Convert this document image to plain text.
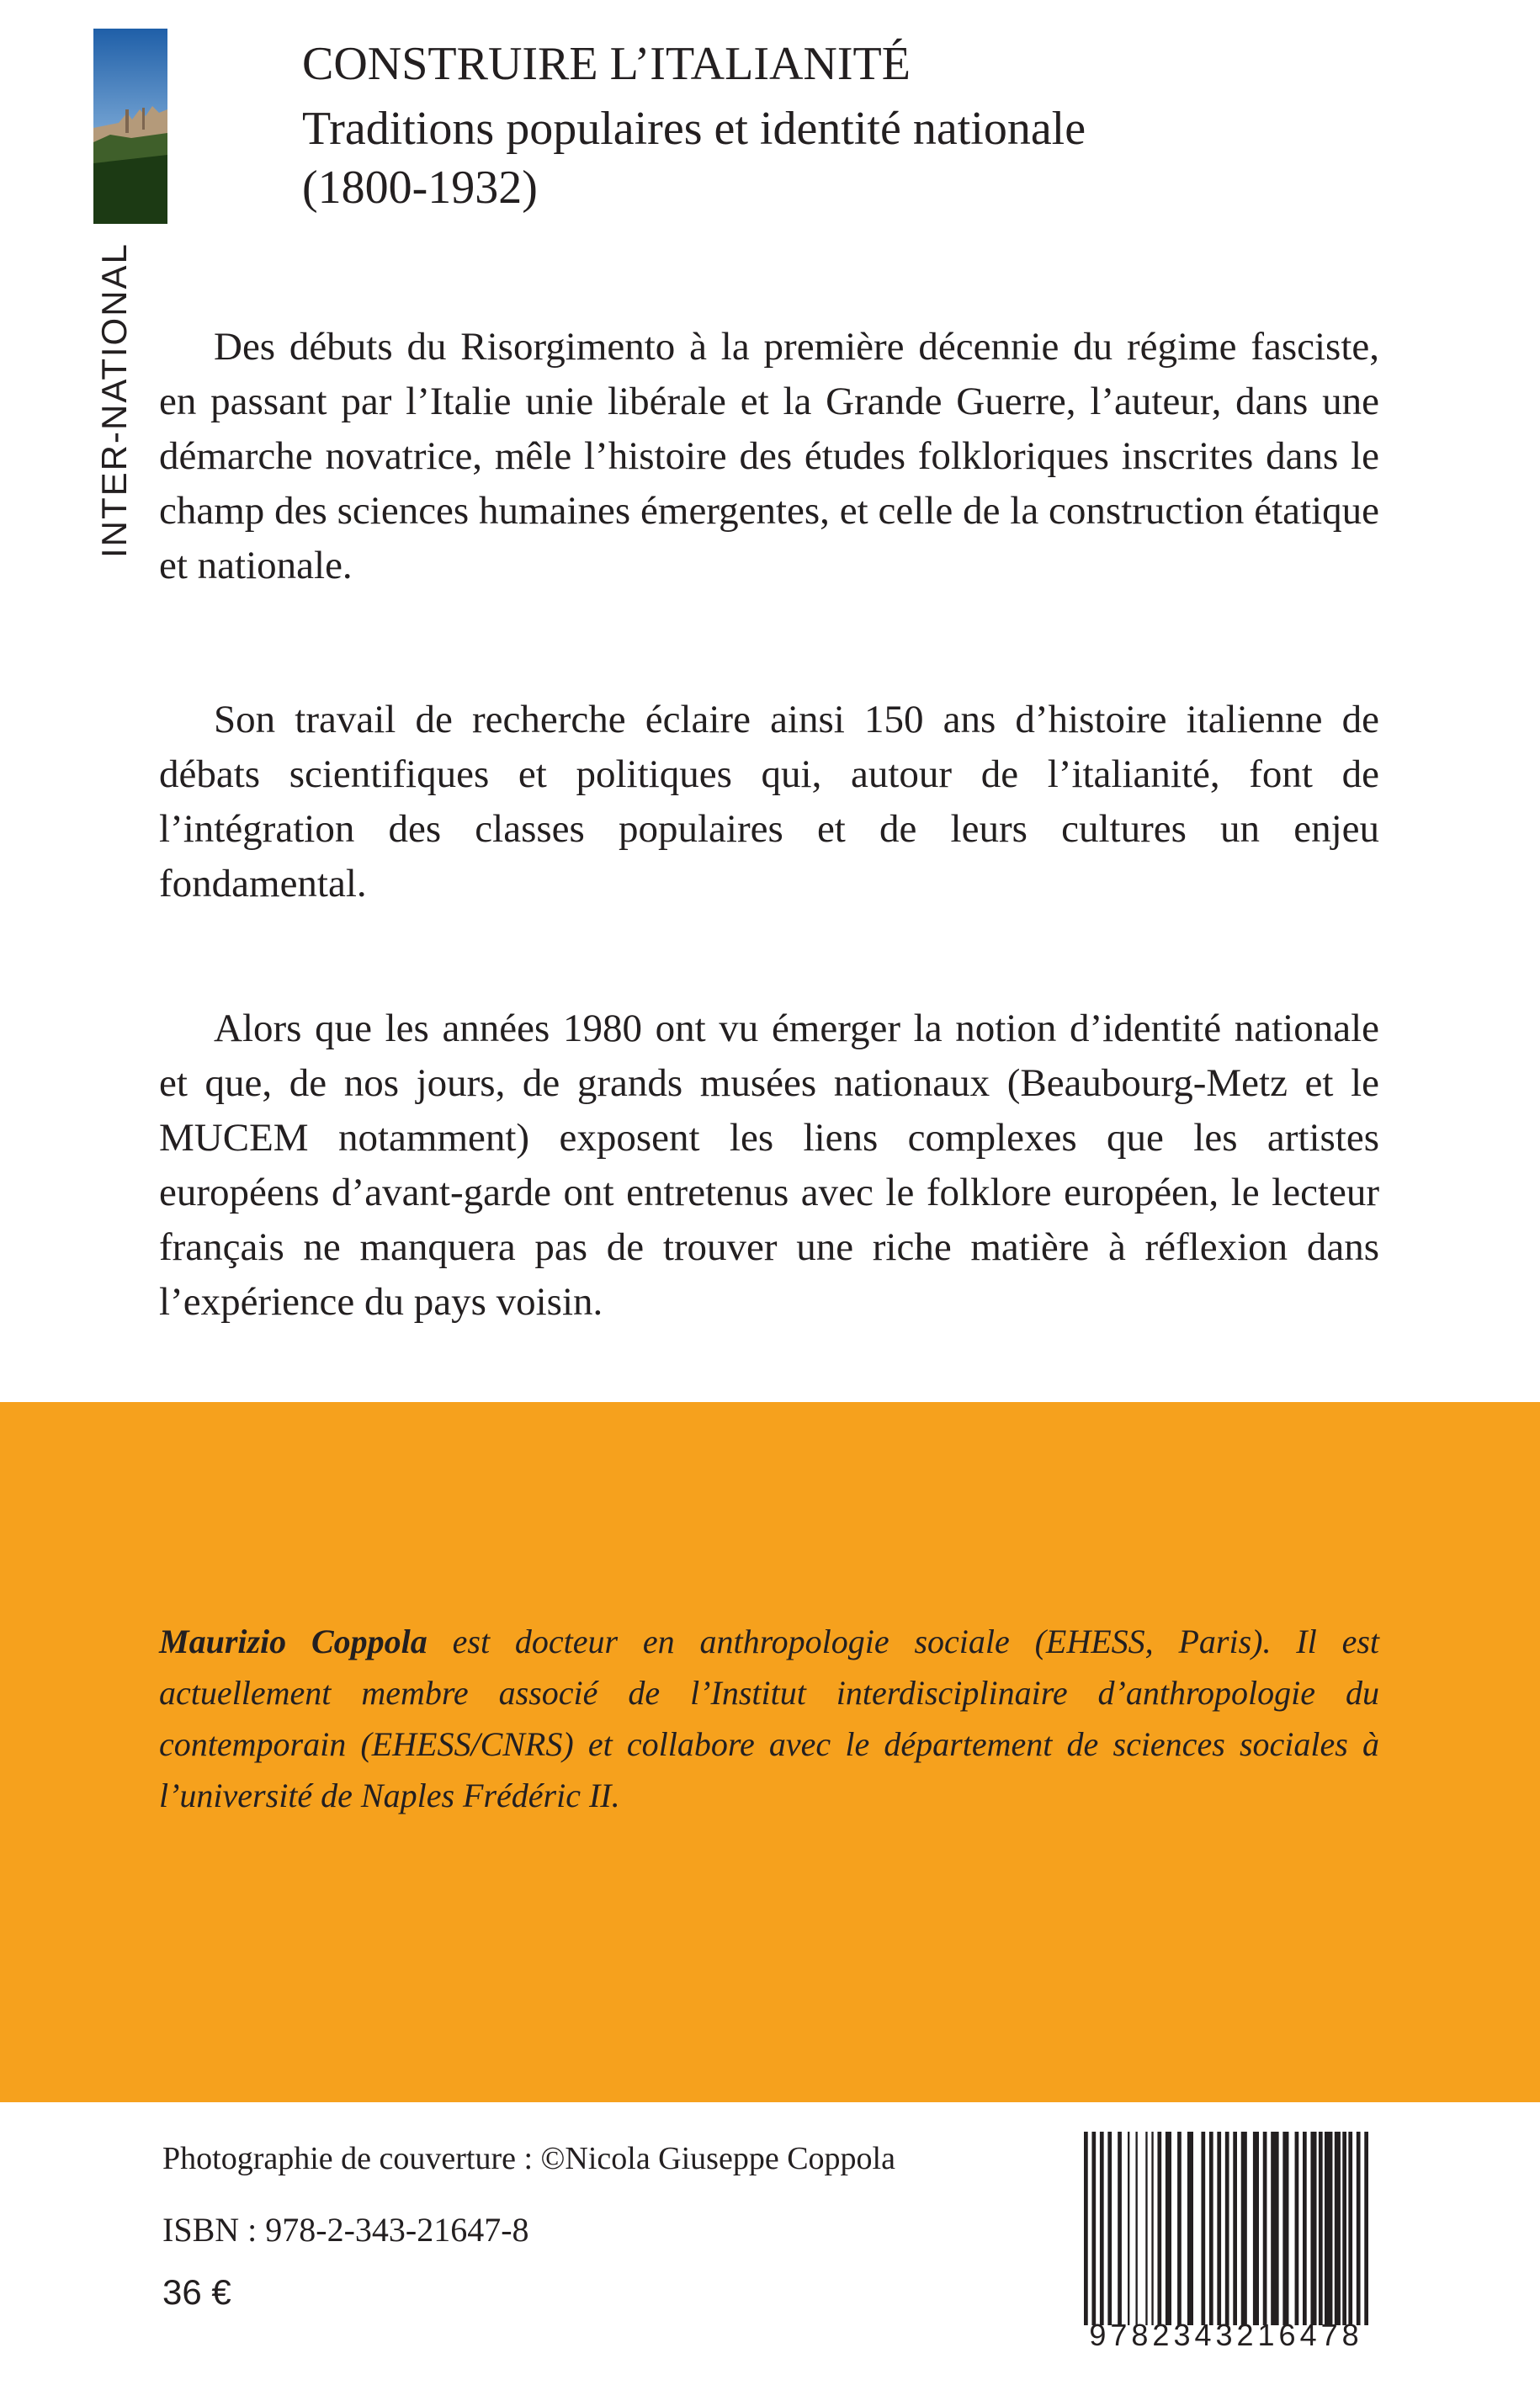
INTER-NATIONAL
CONSTRUIRE L’ITALIANITÉ

Traditions populaires et identité nationale

(1800-1932)

Des débuts du Risorgimento à la première décennie du régime fasciste, en passant par l’Italie unie libérale et la Grande Guerre, l’auteur, dans une démarche novatrice, mêle l’histoire des études folkloriques inscrites dans le champ des sciences humaines émergentes, et celle de la construction étatique et nationale.

Son travail de recherche éclaire ainsi 150 ans d’histoire italienne de débats scientifiques et politiques qui, autour de l’italianité, font de l’intégration des classes populaires et de leurs cultures un enjeu fondamental.

Alors que les années 1980 ont vu émerger la notion d’identité nationale et que, de nos jours, de grands musées nationaux (Beaubourg-Metz et le MUCEM notamment) exposent les liens complexes que les artistes européens d’avant-garde ont entretenus avec le folklore européen, le lecteur français ne manquera pas de trouver une riche matière à réflexion dans l’expérience du pays voisin.

Maurizio Coppola est docteur en anthropologie sociale (EHESS, Paris). Il est actuellement membre associé de l’Institut interdisciplinaire d’anthropologie du contemporain (EHESS/CNRS) et collabore avec le département de sciences sociales à l’université de Naples Frédéric II.

Photographie de couverture : ©Nicola Giuseppe Coppola
ISBN : 978-2-343-21647-8
36 €
9782343216478
